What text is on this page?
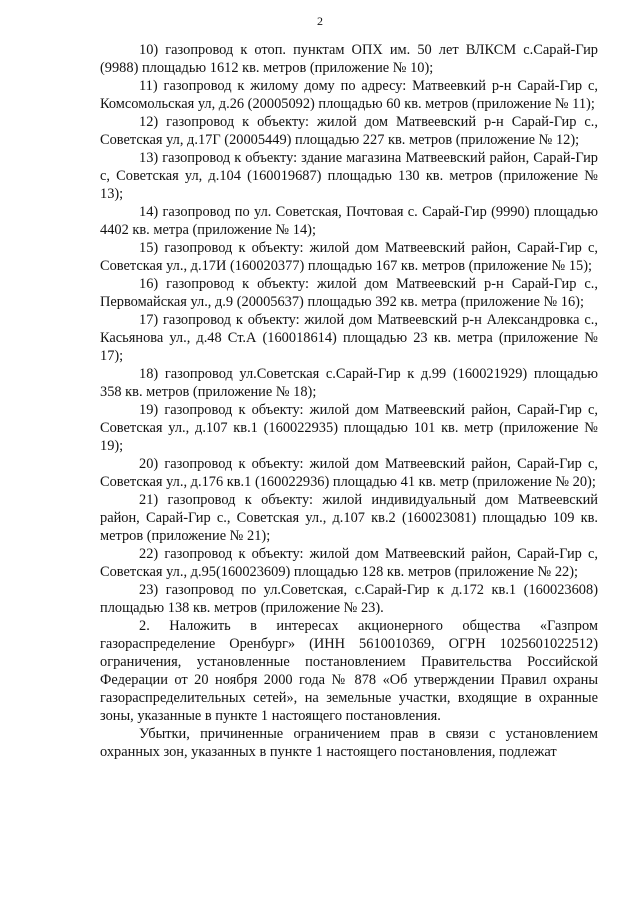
2

10) газопровод к отоп. пунктам ОПХ им. 50 лет ВЛКСМ с.Сарай-Гир (9988) площадью 1612 кв. метров (приложение № 10);

11) газопровод к жилому дому по адресу: Матвеевкий р-н Сарай-Гир с, Комсомольская ул, д.26 (20005092) площадью 60 кв. метров (приложение № 11);

12) газопровод к объекту: жилой дом Матвеевский р-н Сарай-Гир с., Советская ул, д.17Г (20005449) площадью 227 кв. метров (приложение № 12);

13) газопровод к объекту: здание магазина Матвеевский район, Сарай-Гир с, Советская ул, д.104 (160019687) площадью 130 кв. метров (приложение № 13);

14) газопровод по ул. Советская, Почтовая с. Сарай-Гир (9990) площадью 4402 кв. метра (приложение № 14);

15) газопровод к объекту: жилой дом Матвеевский район, Сарай-Гир с, Советская ул., д.17И (160020377) площадью 167 кв. метров (приложение № 15);

16) газопровод к объекту: жилой дом Матвеевский р-н Сарай-Гир с., Первомайская ул., д.9 (20005637) площадью 392 кв. метра (приложение № 16);

17) газопровод к объекту: жилой дом Матвеевский р-н Александровка с., Касьянова ул., д.48 Ст.А (160018614) площадью 23 кв. метра (приложение № 17);

18) газопровод ул.Советская с.Сарай-Гир к д.99 (160021929) площадью 358 кв. метров (приложение № 18);

19) газопровод к объекту: жилой дом Матвеевский район, Сарай-Гир с, Советская ул., д.107 кв.1 (160022935) площадью 101 кв. метр (приложение № 19);

20) газопровод к объекту: жилой дом Матвеевский район, Сарай-Гир с, Советская ул., д.176 кв.1 (160022936) площадью 41 кв. метр (приложение № 20);

21) газопровод к объекту: жилой индивидуальный дом Матвеевский район, Сарай-Гир с., Советская ул., д.107 кв.2 (160023081) площадью 109 кв. метров (приложение № 21);

22) газопровод к объекту: жилой дом Матвеевский район, Сарай-Гир с, Советская ул., д.95(160023609) площадью 128 кв. метров (приложение № 22);

23) газопровод по ул.Советская, с.Сарай-Гир к д.172 кв.1 (160023608) площадью 138 кв. метров (приложение № 23).

2. Наложить в интересах акционерного общества «Газпром газораспределение Оренбург» (ИНН 5610010369, ОГРН 1025601022512) ограничения, установленные постановлением Правительства Российской Федерации от 20 ноября 2000 года № 878 «Об утверждении Правил охраны газораспределительных сетей», на земельные участки, входящие в охранные зоны, указанные в пункте 1 настоящего постановления.

Убытки, причиненные ограничением прав в связи с установлением охранных зон, указанных в пункте 1 настоящего постановления, подлежат
